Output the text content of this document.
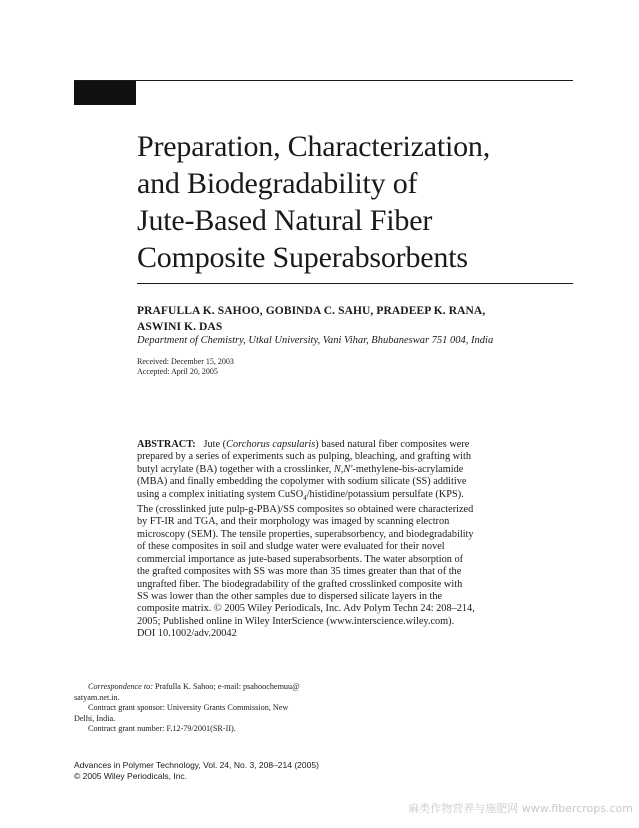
Preparation, Characterization,
and Biodegradability of
Jute-Based Natural Fiber
Composite Superabsorbents
PRAFULLA K. SAHOO, GOBINDA C. SAHU, PRADEEP K. RANA,
ASWINI K. DAS
Department of Chemistry, Utkal University, Vani Vihar, Bhubaneswar 751 004, India
Received: December 15, 2003
Accepted: April 20, 2005
ABSTRACT: Jute (Corchorus capsularis) based natural fiber composites were
prepared by a series of experiments such as pulping, bleaching, and grafting with
butyl acrylate (BA) together with a crosslinker, N,N'-methylene-bis-acrylamide
(MBA) and finally embedding the copolymer with sodium silicate (SS) additive
using a complex initiating system CuSO$_4$/histidine/potassium persulfate (KPS).
The (crosslinked jute pulp-g-PBA)/SS composites so obtained were characterized
by FT-IR and TGA, and their morphology was imaged by scanning electron
microscopy (SEM). The tensile properties, superabsorbency, and biodegradability
of these composites in soil and sludge water were evaluated for their novel
commercial importance as jute-based superabsorbents. The water absorption of
the grafted composites with SS was more than 35 times greater than that of the
ungrafted fiber. The biodegradability of the grafted crosslinked composite with
SS was lower than the other samples due to dispersed silicate layers in the
composite matrix. © 2005 Wiley Periodicals, Inc. Adv Polym Techn 24: 208–214,
2005; Published online in Wiley InterScience (www.interscience.wiley.com).
DOI 10.1002/adv.20042
Correspondence to: Prafulla K. Sahoo; e-mail: psahoochemuu@
satyam.net.in.
Contract grant sponsor: University Grants Commission, New
Delhi, India.
Contract grant number: F.12-79/2001(SR-II).
Advances in Polymer Technology, Vol. 24, No. 3, 208–214 (2005)
© 2005 Wiley Periodicals, Inc.
麻类作物营养与施肥网 www.fibercrops.com
